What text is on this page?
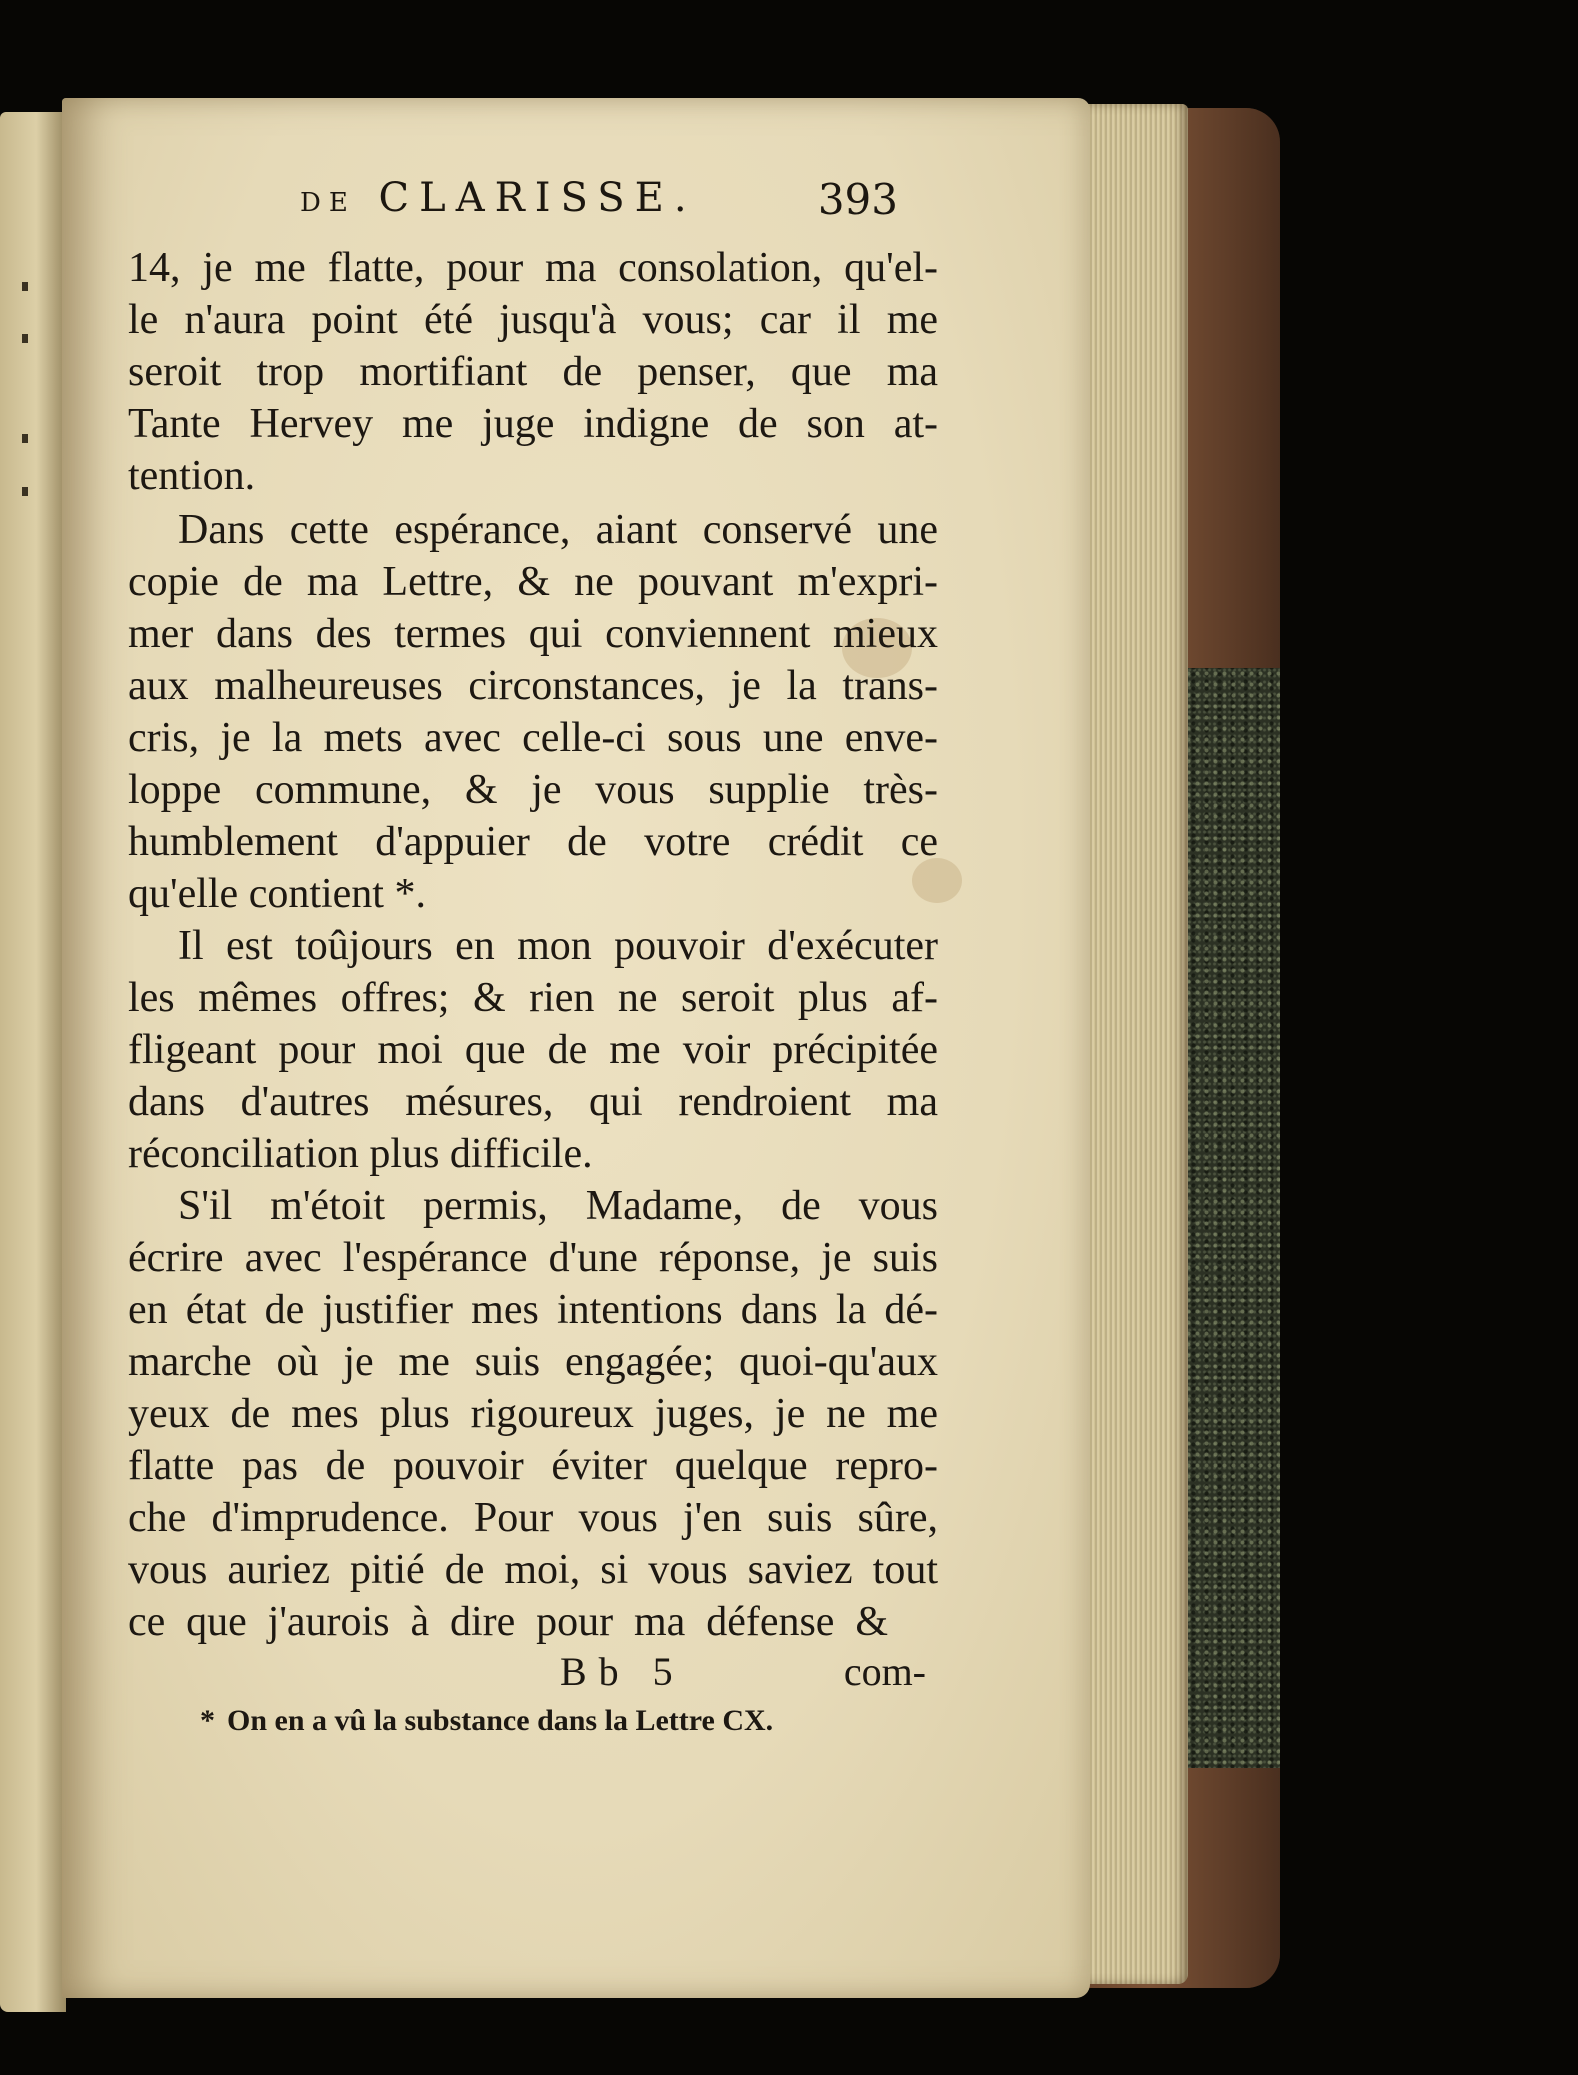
DE CLARISSE.	393
14, je me flatte, pour ma consolation, qu'el-
le n'aura point été jusqu'à vous; car il me
seroit trop mortifiant de penser, que ma
Tante Hervey me juge indigne de son at-
tention.
Dans cette espérance, aiant conservé une
copie de ma Lettre, & ne pouvant m'expri-
mer dans des termes qui conviennent mieux
aux malheureuses circonstances, je la trans-
cris, je la mets avec celle-ci sous une enve-
loppe commune, & je vous supplie très-
humblement d'appuier de votre crédit ce
qu'elle contient *.
Il est toûjours en mon pouvoir d'exécuter
les mêmes offres; & rien ne seroit plus af-
fligeant pour moi que de me voir précipitée
dans d'autres mésures, qui rendroient ma
réconciliation plus difficile.
S'il m'étoit permis, Madame, de vous
écrire avec l'espérance d'une réponse, je suis
en état de justifier mes intentions dans la dé-
marche où je me suis engagée; quoi-qu'aux
yeux de mes plus rigoureux juges, je ne me
flatte pas de pouvoir éviter quelque repro-
che d'imprudence. Pour vous j'en suis sûre,
vous auriez pitié de moi, si vous saviez tout
ce que j'aurois à dire pour ma défense &
Bb 5	com-
* On en a vû la substance dans la Lettre CX.
